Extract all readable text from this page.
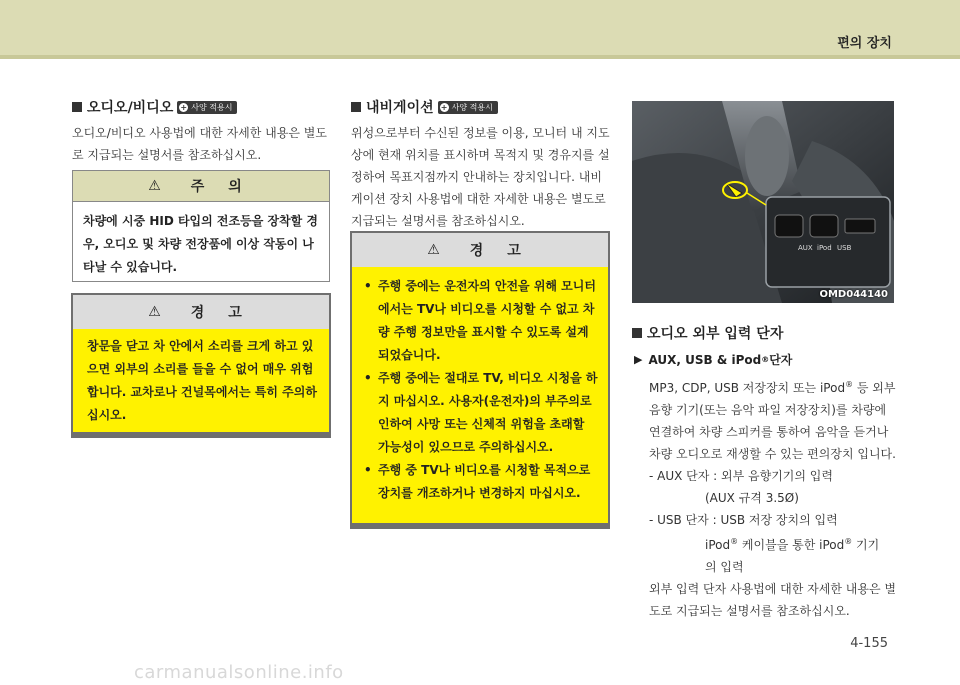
편의 장치
오디오/비디오 + 사양 적용시
오디오/비디오 사용법에 대한 자세한 내용은 별도로 지급되는 설명서를 참조하십시오.
⚠ 주 의
차량에 시중 HID 타입의 전조등을 장착할 경우, 오디오 및 차량 전장품에 이상 작동이 나타날 수 있습니다.
⚠ 경 고
창문을 닫고 차 안에서 소리를 크게 하고 있으면 외부의 소리를 들을 수 없어 매우 위험합니다. 교차로나 건널목에서는 특히 주의하십시오.
내비게이션 + 사양 적용시
위성으로부터 수신된 정보를 이용, 모니터 내 지도상에 현재 위치를 표시하며 목적지 및 경유지를 설정하여 목표지점까지 안내하는 장치입니다. 내비게이션 장치 사용법에 대한 자세한 내용은 별도로 지급되는 설명서를 참조하십시오.
⚠ 경 고
• 주행 중에는 운전자의 안전을 위해 모니터에서는 TV나 비디오를 시청할 수 없고 차량 주행 정보만을 표시할 수 있도록 설계 되었습니다.
• 주행 중에는 절대로 TV, 비디오 시청을 하지 마십시오. 사용자(운전자)의 부주의로 인하여 사망 또는 신체적 위험을 초래할 가능성이 있으므로 주의하십시오.
• 주행 중 TV나 비디오를 시청할 목적으로 장치를 개조하거나 변경하지 마십시오.
AUX iPod USB
OMD044140
오디오 외부 입력 단자
▶ AUX, USB & iPod ® 단자
MP3, CDP, USB 저장장치 또는 iPod® 등 외부 음향 기기(또는 음악 파일 저장장치)를 차량에 연결하여 차량 스피커를 통하여 음악을 듣거나 차량 오디오로 재생할 수 있는 편의장치 입니다.
- AUX 단자 : 외부 음향기기의 입력
(AUX 규격 3.5Ø)
- USB 단자 : USB 저장 장치의 입력
iPod® 케이블을 통한 iPod® 기기
의 입력
외부 입력 단자 사용법에 대한 자세한 내용은 별도로 지급되는 설명서를 참조하십시오.
4-155
carmanualsonline.info
